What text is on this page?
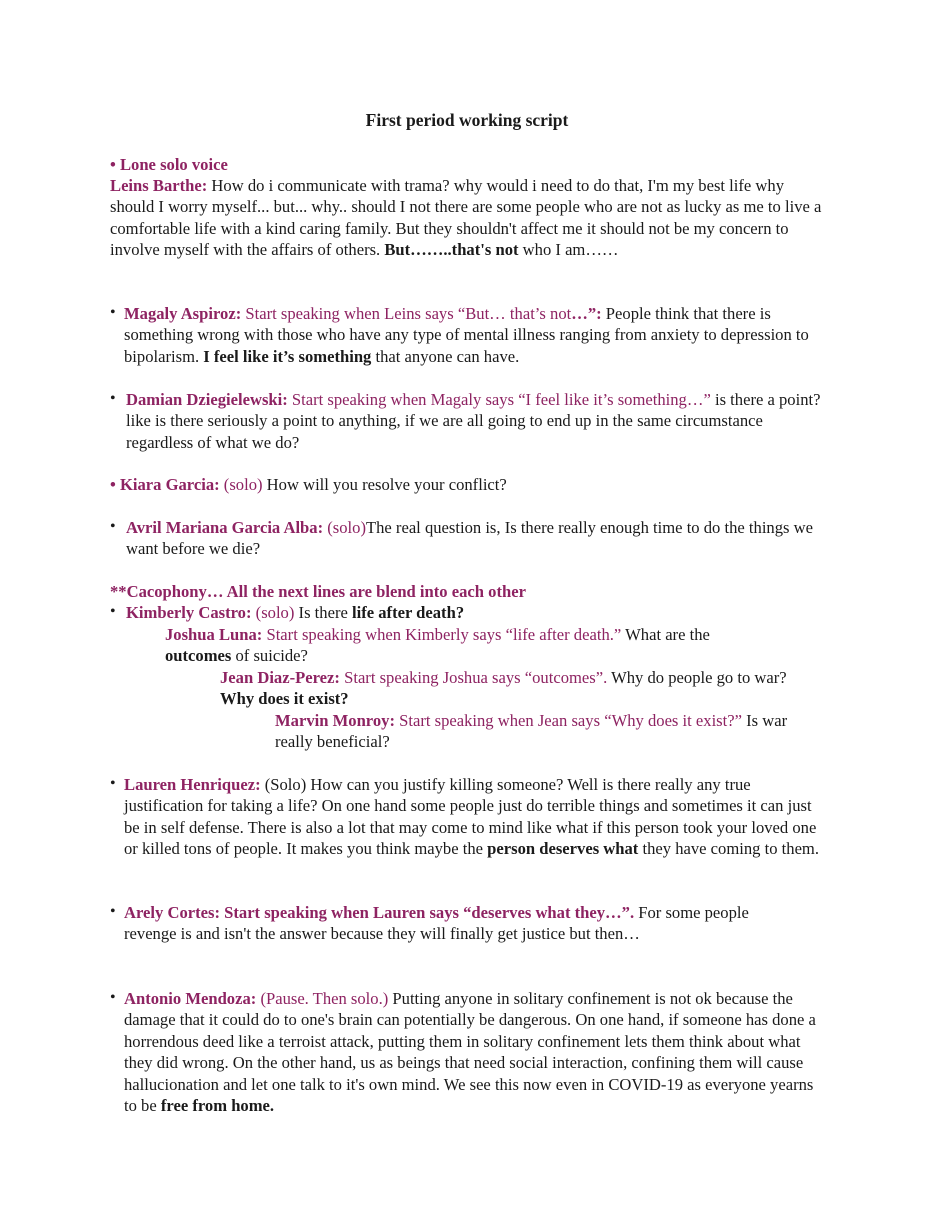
First period working script
• Lone solo voice
Leins Barthe: How do i communicate with trama? why would i need to do that, I'm my best life why should I worry myself... but... why.. should I not there are some people who are not as lucky as me to live a comfortable life with a kind caring family. But they shouldn't affect me it should not be my concern to involve myself with the affairs of others. But……..that's not who I am……
• Magaly Aspiroz: Start speaking when Leins says “But… that’s not…”: People think that there is something wrong with those who have any type of mental illness ranging from anxiety to depression to bipolarism. I feel like it’s something that anyone can have.
• Damian Dziegielewski: Start speaking when Magaly says “I feel like it’s something…” is there a point? like is there seriously a point to anything, if we are all going to end up in the same circumstance regardless of what we do?
• Kiara Garcia: (solo) How will you resolve your conflict?
• Avril Mariana Garcia Alba: (solo)The real question is, Is there really enough time to do the things we want before we die?
**Cacophony… All the next lines are blend into each other
• Kimberly Castro: (solo) Is there life after death?
Joshua Luna: Start speaking when Kimberly says “life after death.” What are the outcomes of suicide?
Jean Diaz-Perez: Start speaking Joshua says “outcomes”. Why do people go to war? Why does it exist?
Marvin Monroy: Start speaking when Jean says “Why does it exist?” Is war really beneficial?
• Lauren Henriquez: (Solo) How can you justify killing someone? Well is there really any true justification for taking a life? On one hand some people just do terrible things and sometimes it can just be in self defense. There is also a lot that may come to mind like what if this person took your loved one or killed tons of people. It makes you think maybe the person deserves what they have coming to them.
• Arely Cortes: Start speaking when Lauren says “deserves what they…”. For some people revenge is and isn't the answer because they will finally get justice but then…
• Antonio Mendoza: (Pause. Then solo.) Putting anyone in solitary confinement is not ok because the damage that it could do to one's brain can potentially be dangerous. On one hand, if someone has done a horrendous deed like a terroist attack, putting them in solitary confinement lets them think about what they did wrong. On the other hand, us as beings that need social interaction, confining them will cause hallucionation and let one talk to it's own mind. We see this now even in COVID-19 as everyone yearns to be free from home.
